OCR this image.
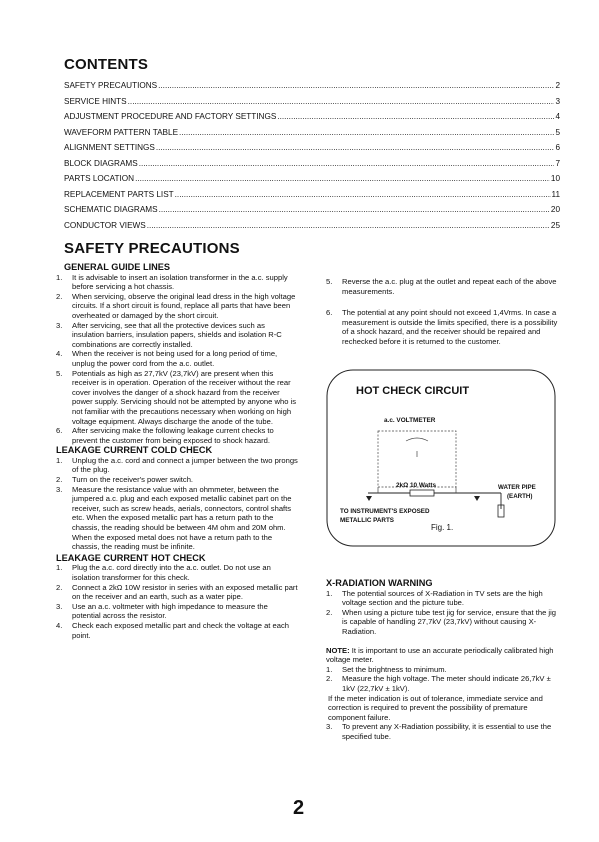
CONTENTS
SAFETY PRECAUTIONS .....	2
SERVICE HINTS .....	3
ADJUSTMENT PROCEDURE AND FACTORY SETTINGS .....	4
WAVEFORM PATTERN TABLE .....	5
ALIGNMENT SETTINGS .....	6
BLOCK DIAGRAMS .....	7
PARTS LOCATION .....	10
REPLACEMENT PARTS LIST .....	11
SCHEMATIC DIAGRAMS .....	20
CONDUCTOR VIEWS .....	25
SAFETY PRECAUTIONS
GENERAL GUIDE LINES
1.	It is advisable to insert an isolation transformer in the a.c. supply before servicing a hot chassis.
2.	When servicing, observe the original lead dress in the high voltage circuits. If a short circuit is found, replace all parts that have been overheated or damaged by the short circuit.
3.	After servicing, see that all the protective devices such as insulation barriers, insulation papers, shields and isolation R-C combinations are correctly installed.
4.	When the receiver is not being used for a long period of time, unplug the power cord from the a.c. outlet.
5.	Potentials as high as 27,7kV (23,7kV) are present when this receiver is in operation. Operation of the receiver without the rear cover involves the danger of a shock hazard from the receiver power supply. Servicing should not be attempted by anyone who is not familiar with the precautions necessary when working on high voltage equipment. Always discharge the anode of the tube.
6.	After servicing make the following leakage current checks to prevent the customer from being exposed to shock hazard.
LEAKAGE CURRENT COLD CHECK
1.	Unplug the a.c. cord and connect a jumper between the two prongs of the plug.
2.	Turn on the receiver's power switch.
3.	Measure the resistance value with an ohmmeter, between the jumpered a.c. plug and each exposed metallic cabinet part on the receiver, such as screw heads, aerials, connectors, control shafts etc. When the exposed metallic part has a return path to the chassis, the reading should be between 4M ohm and 20M ohm. When the exposed metal does not have a return path to the chassis, the reading must be infinite.
LEAKAGE CURRENT HOT CHECK
1.	Plug the a.c. cord directly into the a.c. outlet. Do not use an isolation transformer for this check.
2.	Connect a 2kΩ 10W resistor in series with an exposed metallic part on the receiver and an earth, such as a water pipe.
3.	Use an a.c. voltmeter with high impedance to measure the potential across the resistor.
4.	Check each exposed metallic part and check the voltage at each point.
5.	Reverse the a.c. plug at the outlet and repeat each of the above measurements.
6.	The potential at any point should not exceed 1,4Vrms. In case a measurement is outside the limits specified, there is a possibility of a shock hazard, and the receiver should be repaired and rechecked before it is returned to the customer.
HOT CHECK CIRCUIT
a.c. VOLTMETER
2kΩ 10 Watts	WATER PIPE
(EARTH)
TO INSTRUMENT'S EXPOSED
METALLIC PARTS
Fig. 1.
X-RADIATION WARNING
1.	The potential sources of X-Radiation in TV sets are the high voltage section and the picture tube.
2.	When using a picture tube test jig for service, ensure that the jig is capable of handling 27,7kV (23,7kV) without causing X-Radiation.

NOTE: It is important to use an accurate periodically calibrated high voltage meter.

1.	Set the brightness to minimum.
2.	Measure the high voltage. The meter should indicate 26,7kV ± 1kV (22,7kV ± 1kV).

If the meter indication is out of tolerance, immediate service and correction is required to prevent the possibility of premature component failure.

3.	To prevent any X-Radiation possibility, it is essential to use the specified tube.
2
